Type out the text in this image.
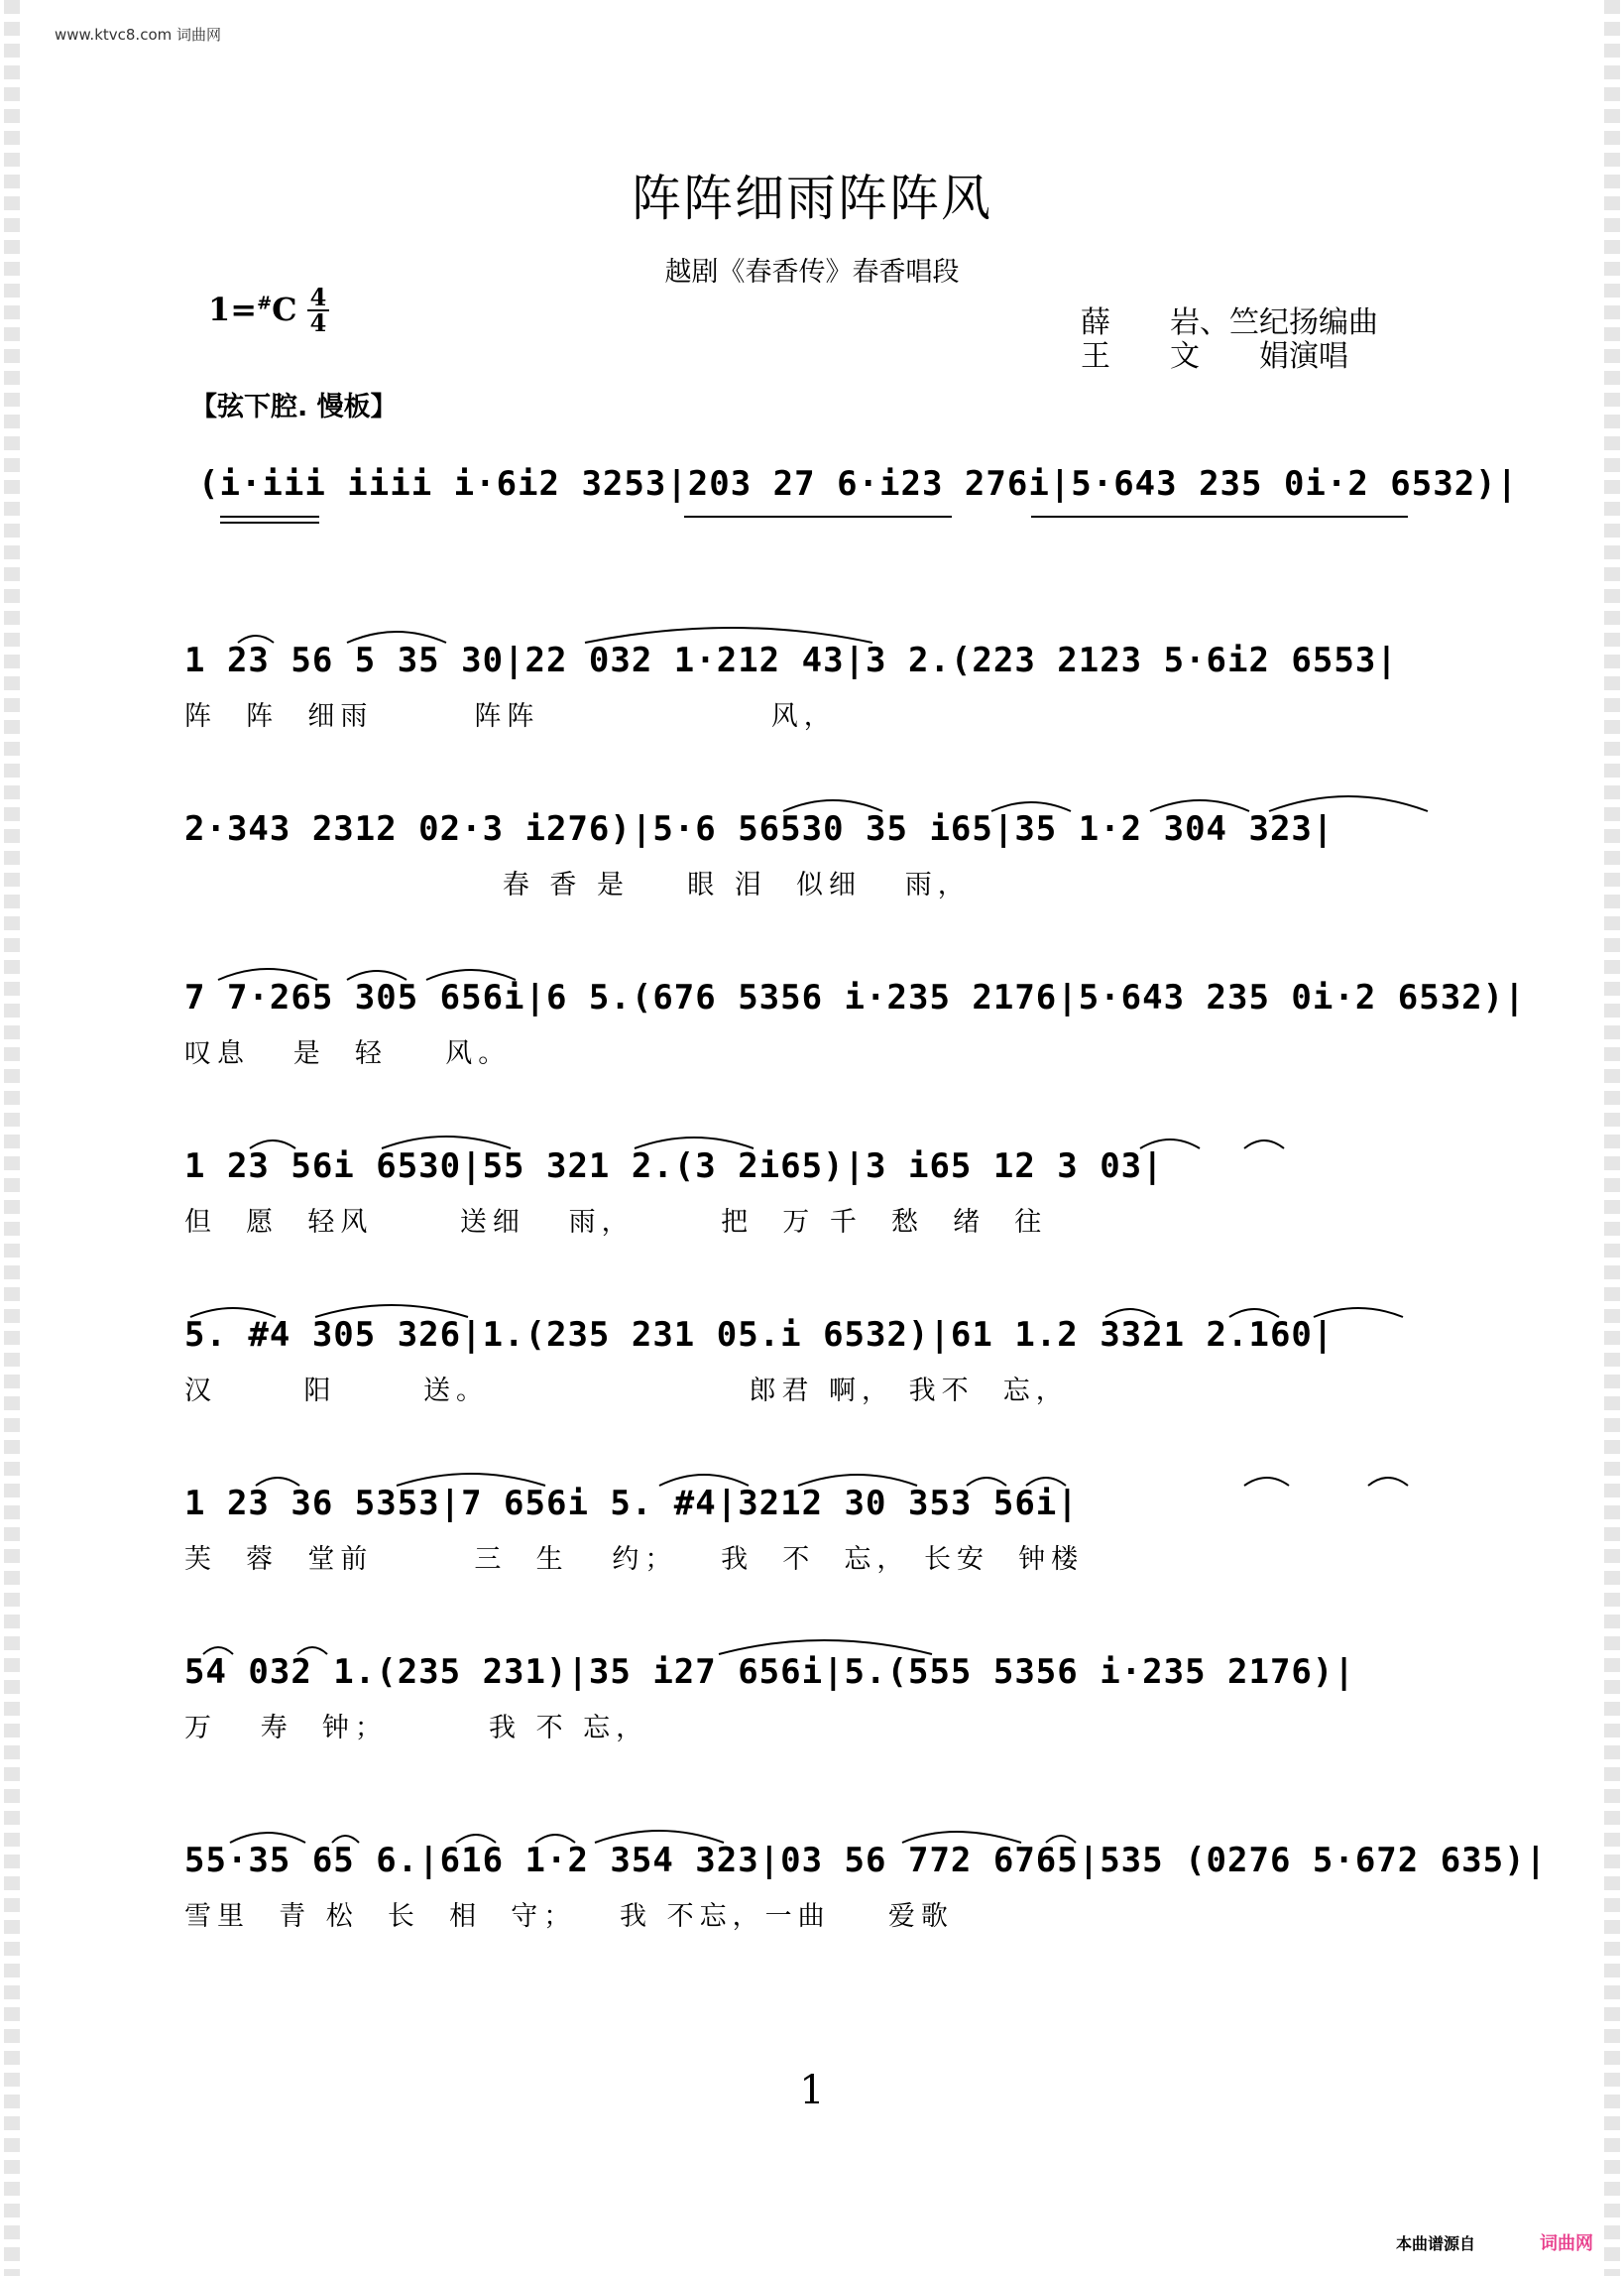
www.ktvc8.com 词曲网
阵阵细雨阵阵风
越剧《春香传》春香唱段
1=#C 4
4	薛　　岩、竺纪扬编曲
王　　文　　娟演唱
【弦下腔. 慢板】
(i·iii iiii i·6i2 3253|203 27 6·i23 276i|5·643 235 0i·2 6532)|
1 23 56 5 35 30|22 032 1·212 43|3 2.(223 2123 5·6i2 6553|
阵  阵  细雨       阵阵                风，
2·343 2312 02·3 i276)|5·6 56530 35 i65|35 1·2 304 323|
春 香 是    眼 泪  似细   雨，
7 7·265 305 656i|6 5.(676 5356 i·235 2176|5·643 235 0i·2 6532)|
叹息   是  轻    风。
1 23 56i 6530|55 321 2.(3 2i65)|3 i65 12 3 03|
但  愿  轻风      送细   雨，      把  万 千  愁  绪  往
5. #4 305 326|1.(235 231 05.i 6532)|61 1.2 3321 2.160|
汉      阳      送。                  郎君 啊， 我不  忘，
1 23 36 5353|7 656i 5. #4|3212 30 353 56i|
芙  蓉  堂前       三  生   约；   我  不  忘， 长安  钟楼
54 032 1.(235 231)|35 i27 656i|5.(555 5356 i·235 2176)|
万   寿  钟；       我 不 忘，
55·35 65 6.|616 1·2 354 323|03 56 772 6765|535 (0276 5·672 635)|
雪里  青 松  长  相  守；   我 不忘，一曲    爱歌
1
本曲谱源自	词曲网
